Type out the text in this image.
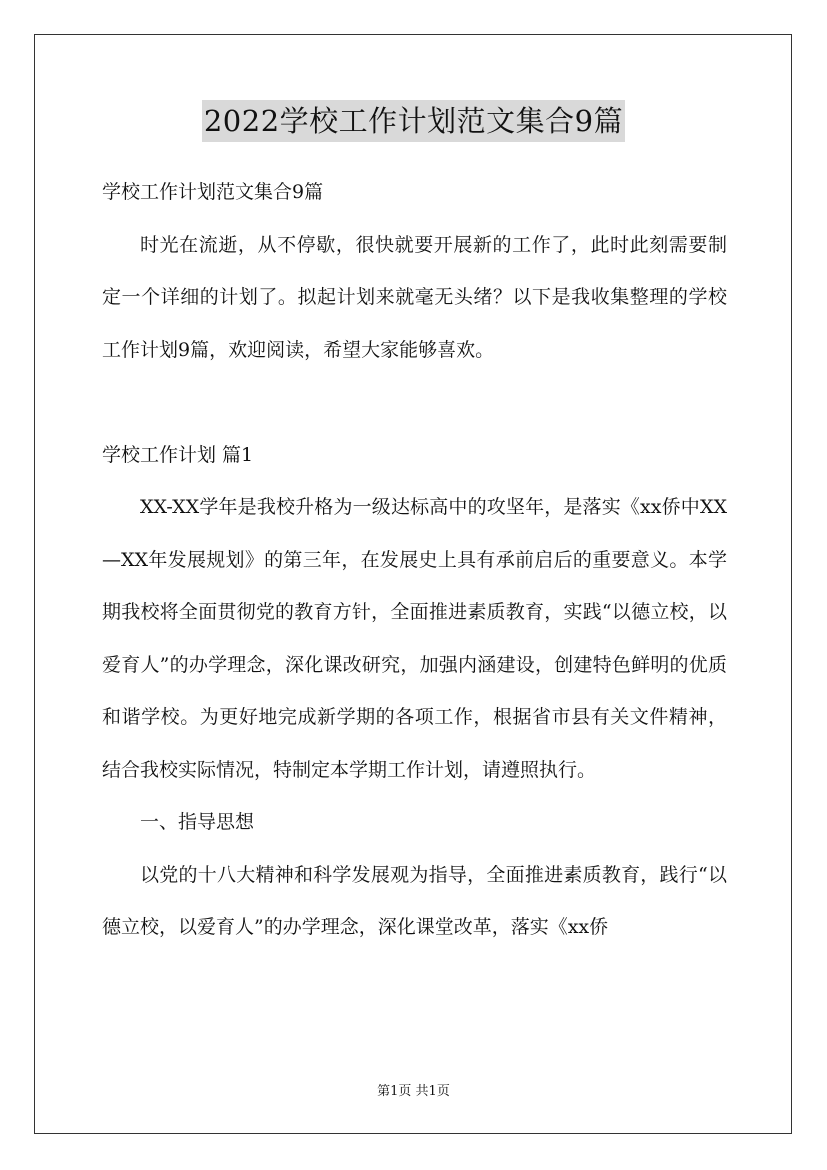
2022学校工作计划范文集合9篇
学校工作计划范文集合9篇

时光在流逝，从不停歇，很快就要开展新的工作了，此时此刻需要制定一个详细的计划了。拟起计划来就毫无头绪？以下是我收集整理的学校工作计划9篇，欢迎阅读，希望大家能够喜欢。

学校工作计划 篇1

XX-XX学年是我校升格为一级达标高中的攻坚年，是落实《xx侨中XX—XX年发展规划》的第三年，在发展史上具有承前启后的重要意义。本学期我校将全面贯彻党的教育方针，全面推进素质教育，实践“以德立校，以爱育人”的办学理念，深化课改研究，加强内涵建设，创建特色鲜明的优质和谐学校。为更好地完成新学期的各项工作，根据省市县有关文件精神，结合我校实际情况，特制定本学期工作计划，请遵照执行。

一、指导思想

以党的十八大精神和科学发展观为指导，全面推进素质教育，践行“以德立校，以爱育人”的办学理念，深化课堂改革，落实《xx侨

第1页 共1页
